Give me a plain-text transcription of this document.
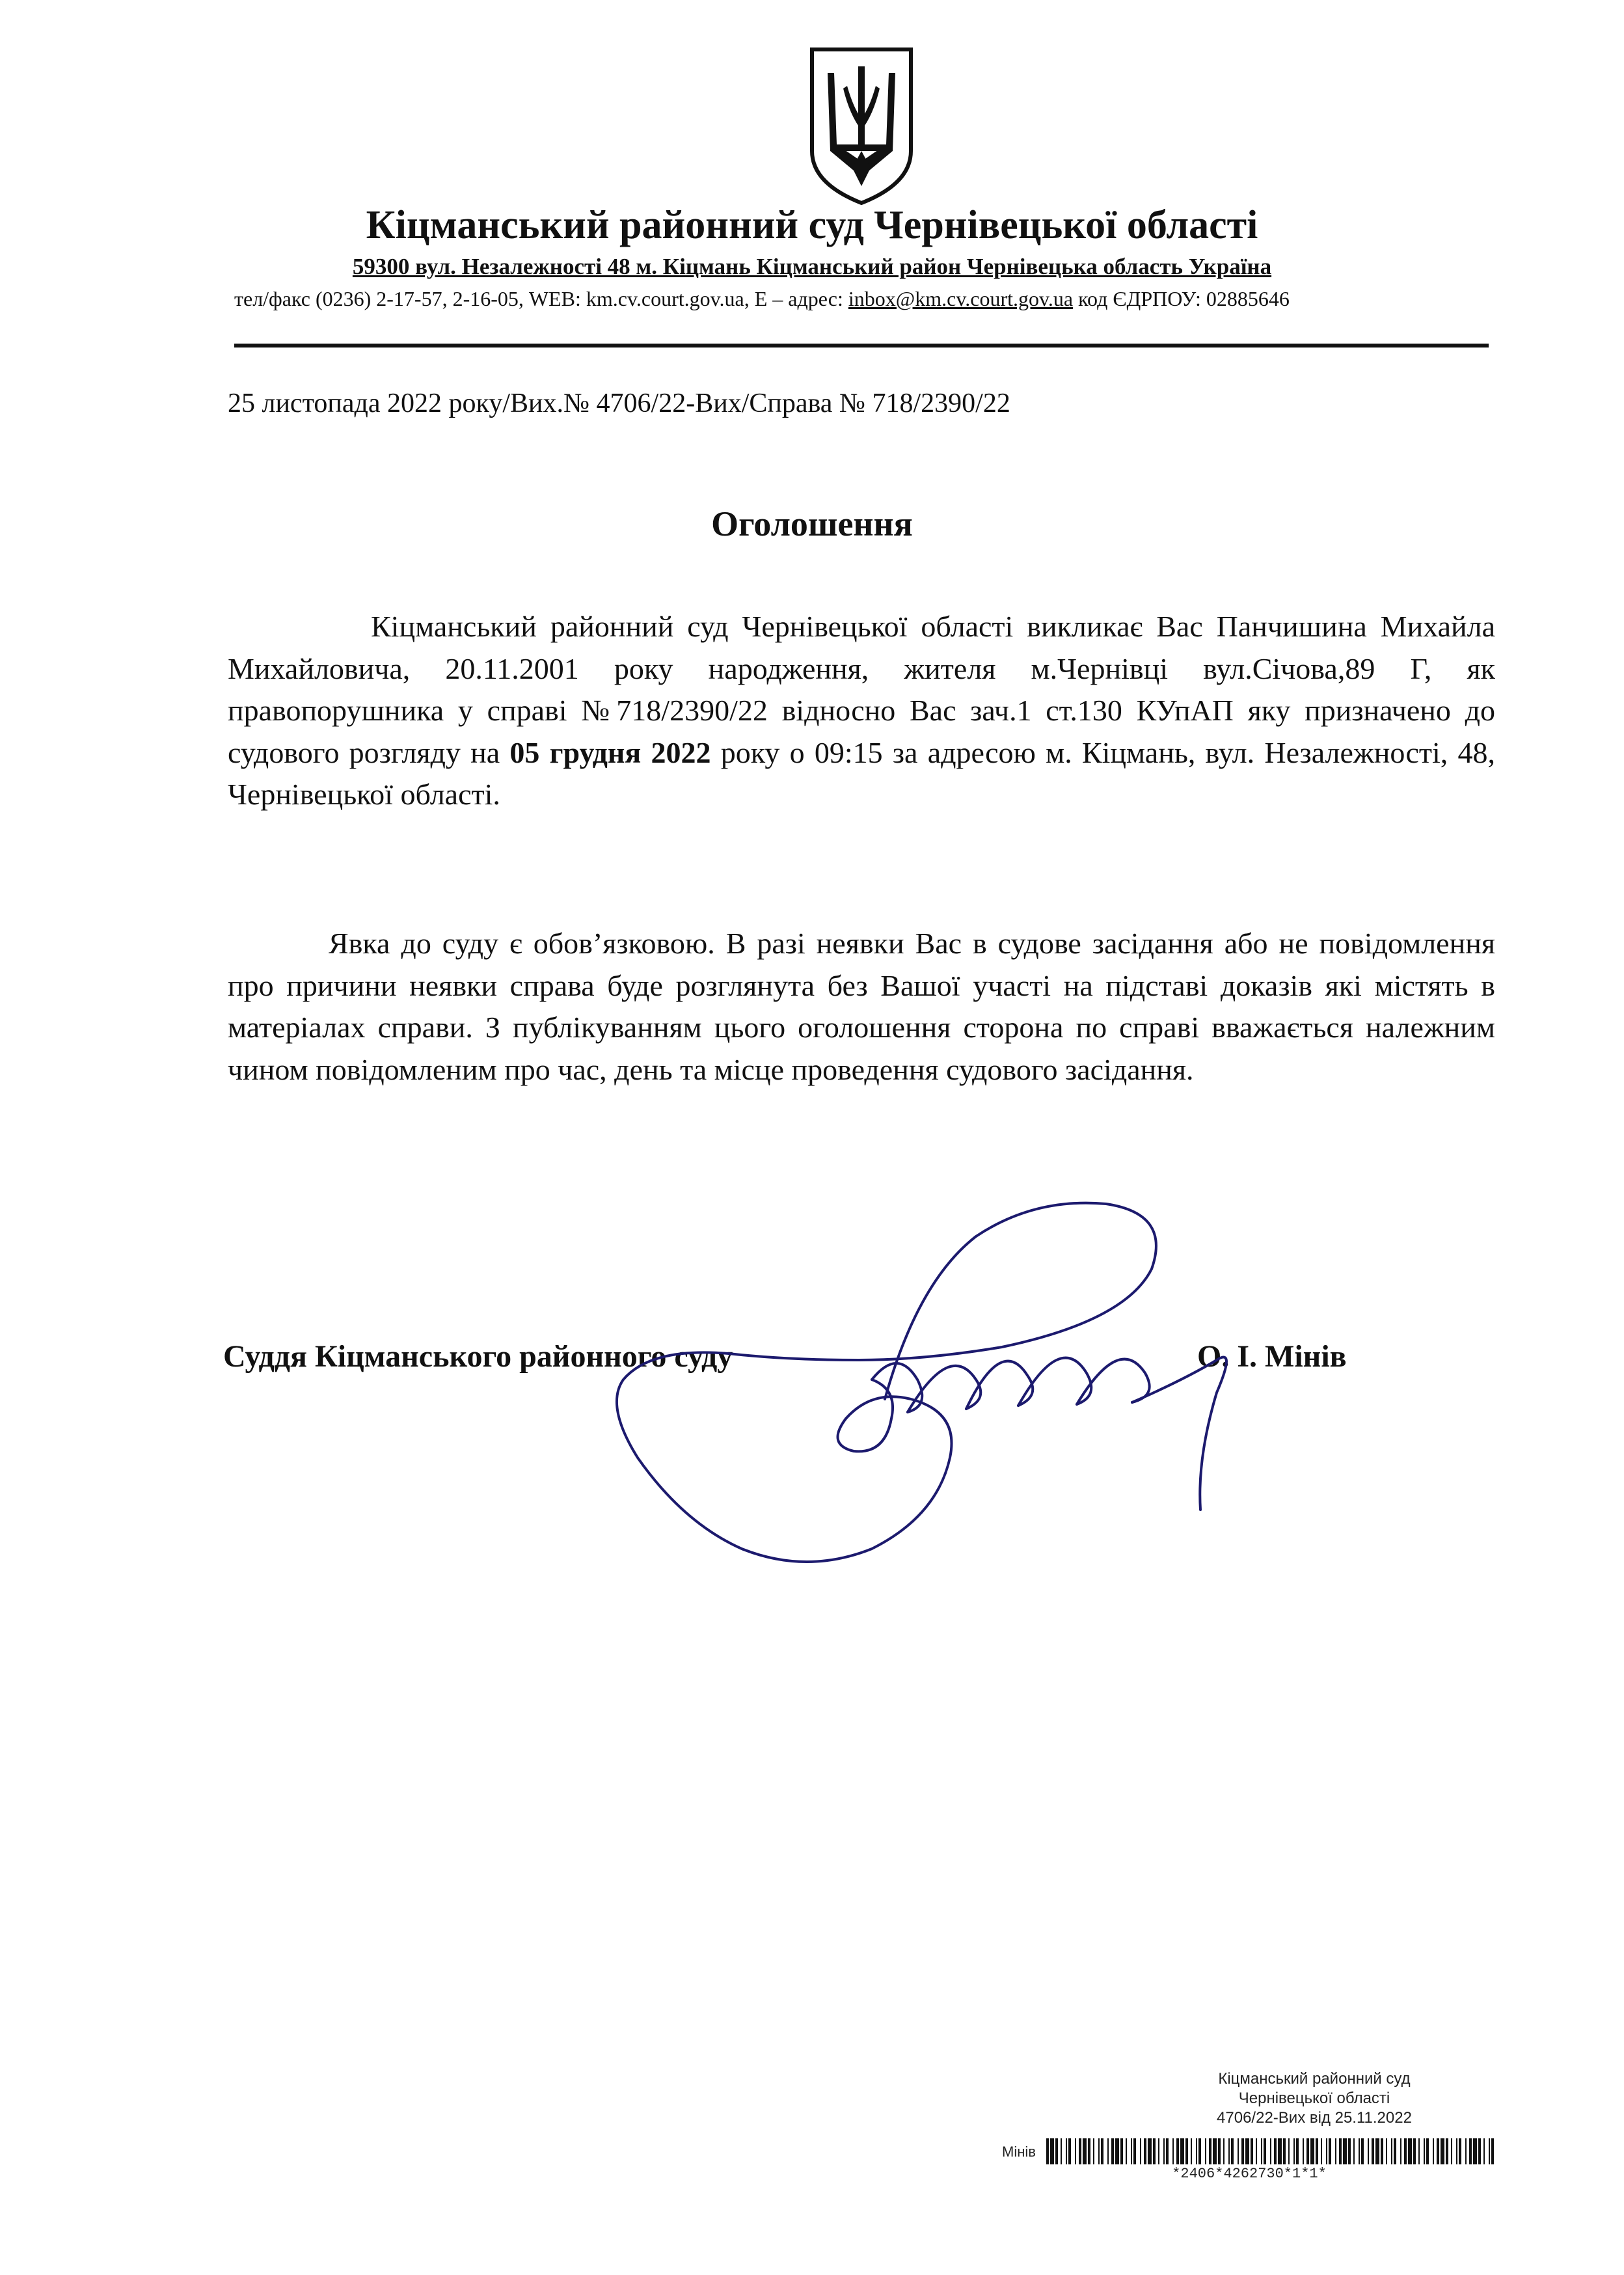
Кіцманський районний суд Чернівецької області
59300 вул. Незалежності 48 м. Кіцмань Кіцманський район Чернівецька область Україна
тел/факс (0236) 2-17-57, 2-16-05, WEB: km.cv.court.gov.ua, E – адрес: inbox@km.cv.court.gov.ua код ЄДРПОУ: 02885646
25 листопада 2022 року/Вих.№ 4706/22-Вих/Справа № 718/2390/22
Оголошення
Кіцманський районний суд Чернівецької області викликає Вас Панчишина Михайла Михайловича, 20.11.2001 року народження, жителя м.Чернівці вул.Січова,89 Г, як правопорушника у справі №718/2390/22 відносно Вас зач.1 ст.130 КУпАП яку призначено до судового розгляду на 05 грудня 2022 року о 09:15 за адресою м. Кіцмань, вул. Незалежності, 48, Чернівецької області.
Явка до суду є обов’язковою. В разі неявки Вас в судове засідання або не повідомлення про причини неявки справа буде розглянута без Вашої участі на підставі доказів які містять в матеріалах справи. З публікуванням цього оголошення сторона по справі вважається належним чином повідомленим про час, день та місце проведення судового засідання.
Суддя Кіцманського районного суду	О. І. Мінів
Кіцманський районний суд
Чернівецької області
4706/22-Вих від 25.11.2022
Мінів
*2406*4262730*1*1*
